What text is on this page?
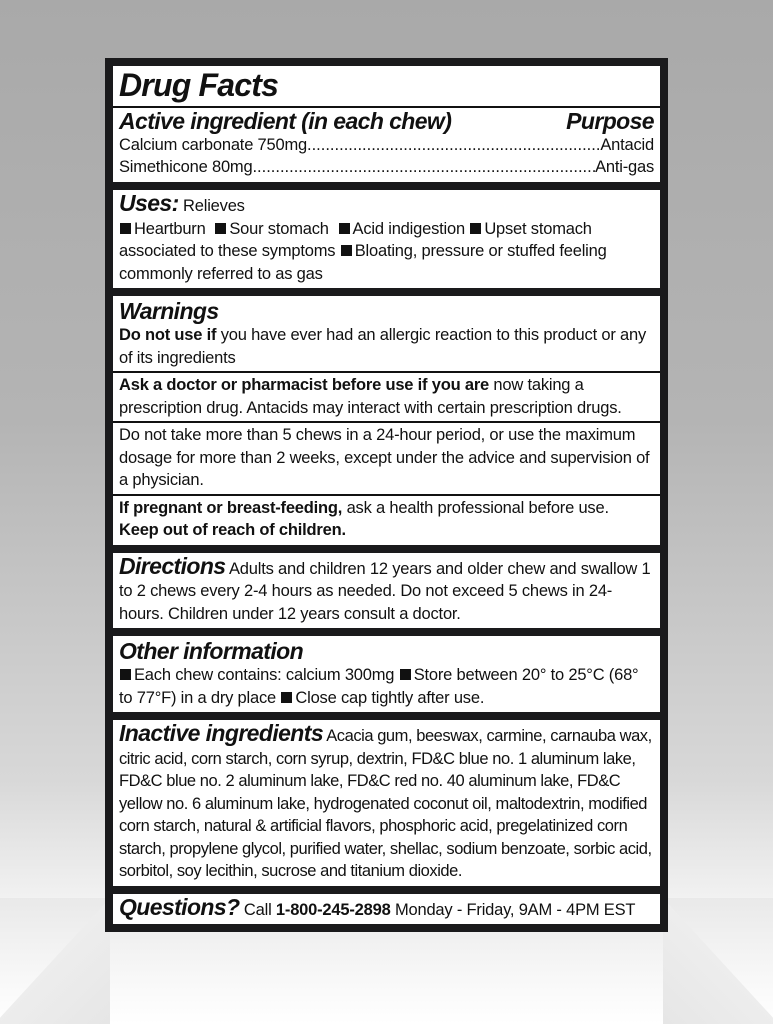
Drug Facts
Active ingredient (in each chew)	Purpose
Calcium carbonate 750mg .....	Antacid
Simethicone 80mg .....	Anti-gas
Uses: Relieves
Heartburn Sour stomach Acid indigestion Upset stomach associated to these symptoms Bloating, pressure or stuffed feeling commonly referred to as gas
Warnings
Do not use if you have ever had an allergic reaction to this product or any of its ingredients
Ask a doctor or pharmacist before use if you are now taking a prescription drug. Antacids may interact with certain prescription drugs.
Do not take more than 5 chews in a 24-hour period, or use the maximum dosage for more than 2 weeks, except under the advice and supervision of a physician.
If pregnant or breast-feeding, ask a health professional before use.
Keep out of reach of children.
Directions Adults and children 12 years and older chew and swallow 1 to 2 chews every 2-4 hours as needed. Do not exceed 5 chews in 24-hours. Children under 12 years consult a doctor.
Other information
Each chew contains: calcium 300mg Store between 20° to 25°C (68° to 77°F) in a dry place Close cap tightly after use.
Inactive ingredients Acacia gum, beeswax, carmine, carnauba wax, citric acid, corn starch, corn syrup, dextrin, FD&C blue no. 1 aluminum lake, FD&C blue no. 2 aluminum lake, FD&C red no. 40 aluminum lake, FD&C yellow no. 6 aluminum lake, hydrogenated coconut oil, maltodextrin, modified corn starch, natural & artificial flavors, phosphoric acid, pregelatinized corn starch, propylene glycol, purified water, shellac, sodium benzoate, sorbic acid, sorbitol, soy lecithin, sucrose and titanium dioxide.
Questions? Call 1-800-245-2898 Monday - Friday, 9AM - 4PM EST
